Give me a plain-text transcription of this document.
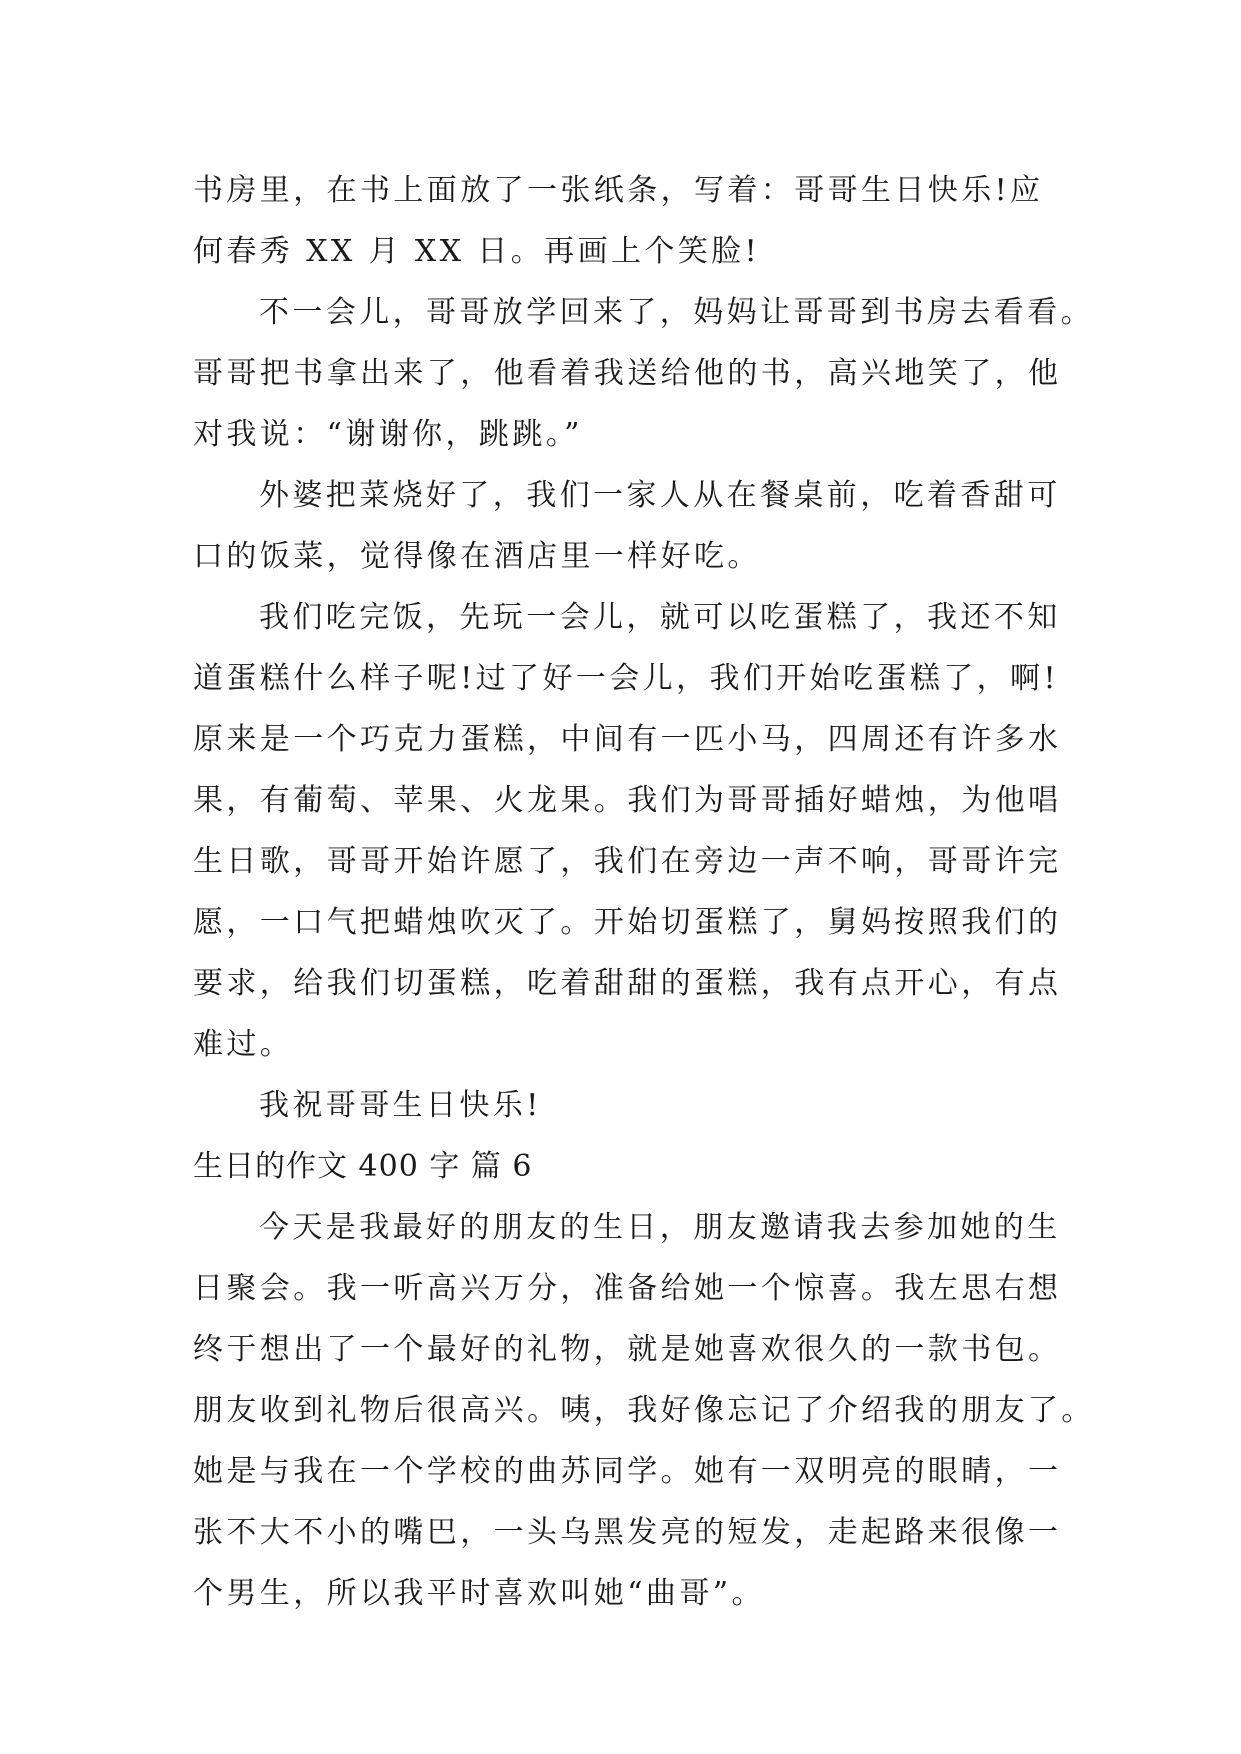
书房里，在书上面放了一张纸条，写着：哥哥生日快乐!应
何春秀 XX 月 XX 日。再画上个笑脸!
不一会儿，哥哥放学回来了，妈妈让哥哥到书房去看看。
哥哥把书拿出来了，他看着我送给他的书，高兴地笑了，他
对我说：“谢谢你，跳跳。”
外婆把菜烧好了，我们一家人从在餐桌前，吃着香甜可
口的饭菜，觉得像在酒店里一样好吃。
我们吃完饭，先玩一会儿，就可以吃蛋糕了，我还不知
道蛋糕什么样子呢!过了好一会儿，我们开始吃蛋糕了，啊!
原来是一个巧克力蛋糕，中间有一匹小马，四周还有许多水
果，有葡萄、苹果、火龙果。我们为哥哥插好蜡烛，为他唱
生日歌，哥哥开始许愿了，我们在旁边一声不响，哥哥许完
愿，一口气把蜡烛吹灭了。开始切蛋糕了，舅妈按照我们的
要求，给我们切蛋糕，吃着甜甜的蛋糕，我有点开心，有点
难过。
我祝哥哥生日快乐!
生日的作文 400 字 篇 6
今天是我最好的朋友的生日，朋友邀请我去参加她的生
日聚会。我一听高兴万分，准备给她一个惊喜。我左思右想
终于想出了一个最好的礼物，就是她喜欢很久的一款书包。
朋友收到礼物后很高兴。咦，我好像忘记了介绍我的朋友了。
她是与我在一个学校的曲苏同学。她有一双明亮的眼睛，一
张不大不小的嘴巴，一头乌黑发亮的短发，走起路来很像一
个男生，所以我平时喜欢叫她“曲哥”。
